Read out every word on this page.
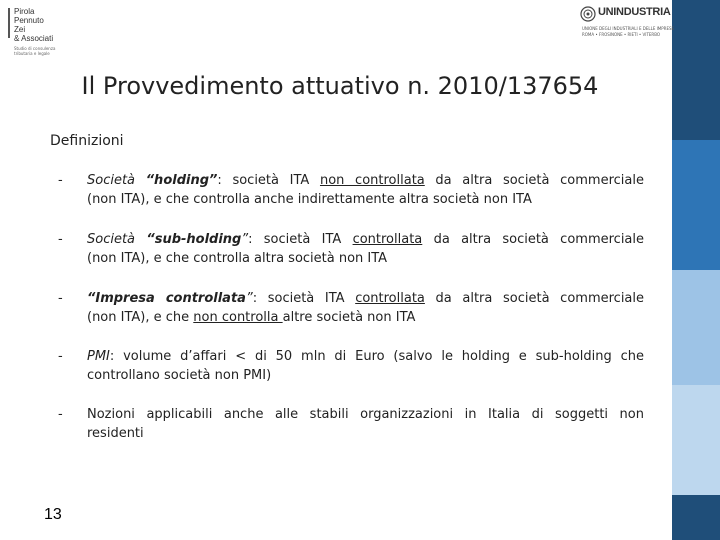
Pirola
Pennuto
Zei
& Associati
Studio di consulenza
tributaria e legale
UNINDUSTRIA
UNIONE DEGLI INDUSTRIALI E DELLE IMPRESE
ROMA • FROSINONE • RIETI • VITERBO
Il Provvedimento attuativo n. 2010/137654
Definizioni
- Società “holding”: società ITA non controllata da altra società commerciale
(non ITA), e che controlla anche indirettamente altra società non ITA
- Società “sub-holding”: società ITA controllata da altra società commerciale
(non ITA), e che controlla altra società non ITA
- “Impresa controllata”: società ITA controllata da altra società commerciale
(non ITA), e che non controlla altre società non ITA
- PMI: volume d’affari < di 50 mln di Euro (salvo le holding e sub-holding che
controllano società non PMI)
- Nozioni applicabili anche alle stabili organizzazioni in Italia di soggetti non
residenti
13
